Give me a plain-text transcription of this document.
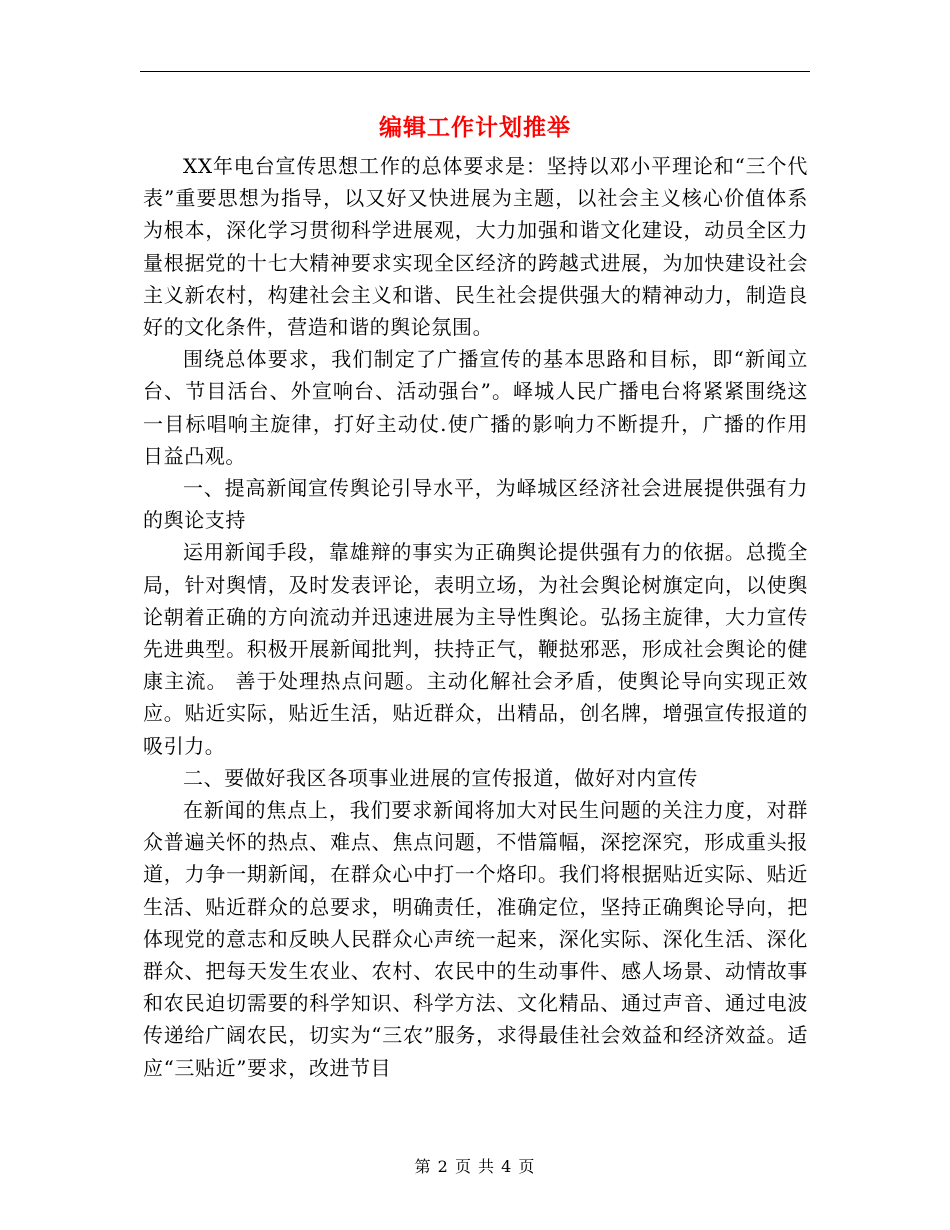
编辑工作计划推举

XX年电台宣传思想工作的总体要求是：坚持以邓小平理论和“三个代表”重要思想为指导，以又好又快进展为主题，以社会主义核心价值体系为根本，深化学习贯彻科学进展观，大力加强和谐文化建设，动员全区力量根据党的十七大精神要求实现全区经济的跨越式进展，为加快建设社会主义新农村，构建社会主义和谐、民生社会提供强大的精神动力，制造良好的文化条件，营造和谐的舆论氛围。

围绕总体要求，我们制定了广播宣传的基本思路和目标，即“新闻立台、节目活台、外宣响台、活动强台”。峄城人民广播电台将紧紧围绕这一目标唱响主旋律，打好主动仗.使广播的影响力不断提升，广播的作用日益凸观。

一、提高新闻宣传舆论引导水平，为峄城区经济社会进展提供强有力的舆论支持

运用新闻手段，靠雄辩的事实为正确舆论提供强有力的依据。总揽全局，针对舆情，及时发表评论，表明立场，为社会舆论树旗定向，以使舆论朝着正确的方向流动并迅速进展为主导性舆论。弘扬主旋律，大力宣传先进典型。积极开展新闻批判，扶持正气，鞭挞邪恶，形成社会舆论的健康主流。 善于处理热点问题。主动化解社会矛盾，使舆论导向实现正效应。贴近实际，贴近生活，贴近群众，出精品，创名牌，增强宣传报道的吸引力。

二、要做好我区各项事业进展的宣传报道，做好对内宣传

在新闻的焦点上，我们要求新闻将加大对民生问题的关注力度，对群众普遍关怀的热点、难点、焦点问题，不惜篇幅，深挖深究，形成重头报道，力争一期新闻，在群众心中打一个烙印。我们将根据贴近实际、贴近生活、贴近群众的总要求，明确责任，准确定位，坚持正确舆论导向，把体现党的意志和反映人民群众心声统一起来，深化实际、深化生活、深化群众、把每天发生农业、农村、农民中的生动事件、感人场景、动情故事和农民迫切需要的科学知识、科学方法、文化精品、通过声音、通过电波传递给广阔农民，切实为“三农”服务，求得最佳社会效益和经济效益。适应“三贴近”要求，改进节目

第 2 页 共 4 页
